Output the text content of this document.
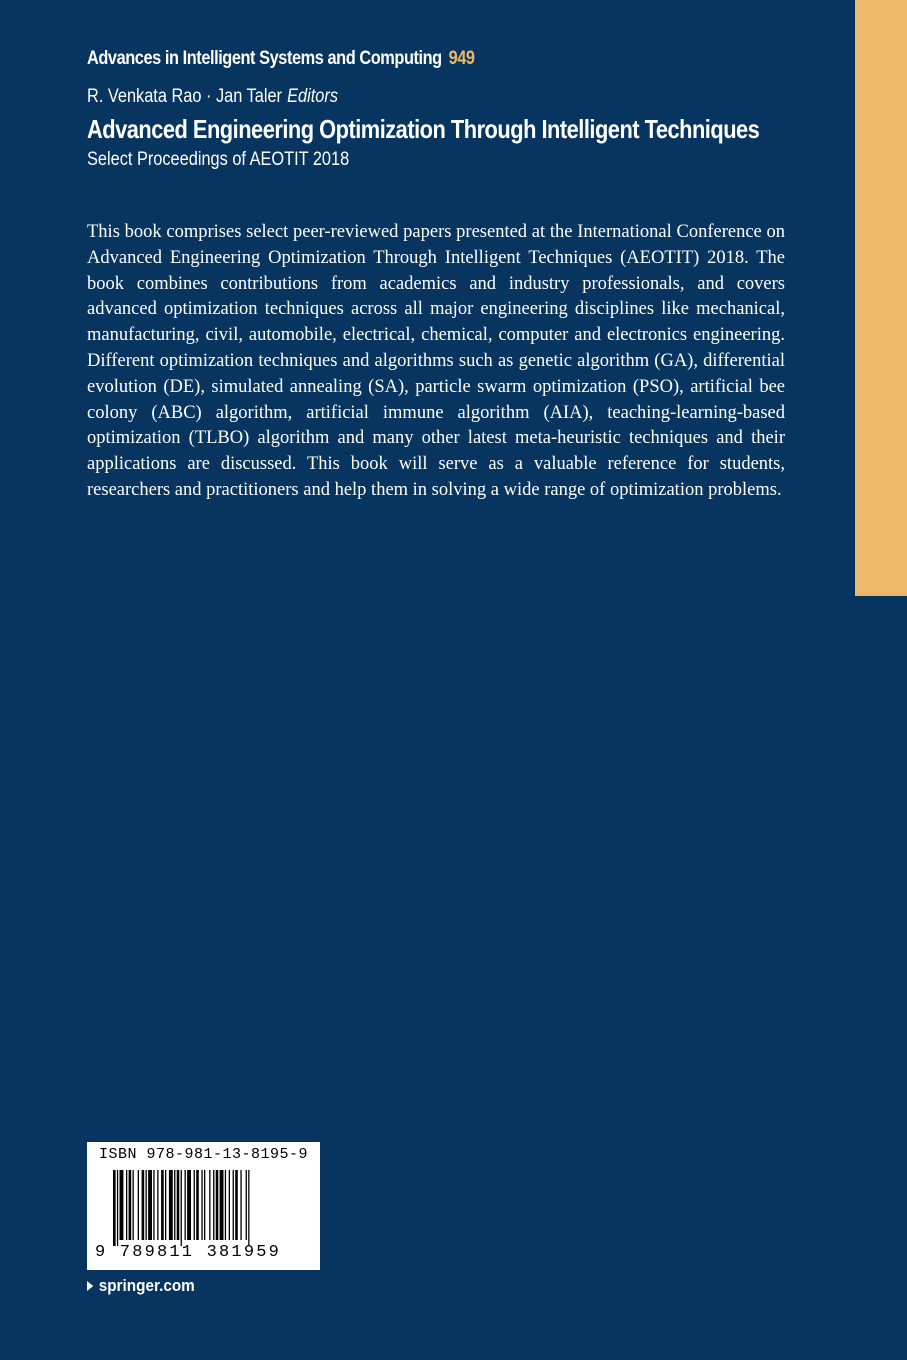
Advances in Intelligent Systems and Computing 949
R. Venkata Rao · Jan Taler Editors
Advanced Engineering Optimization Through Intelligent Techniques
Select Proceedings of AEOTIT 2018

This book comprises select peer-reviewed papers presented at the International Conference on Advanced Engineering Optimization Through Intelligent Techniques (AEOTIT) 2018. The book combines contributions from academics and industry professionals, and covers advanced optimization techniques across all major engineering disciplines like mechanical, manufacturing, civil, automobile, electrical, chemical, computer and electronics engineering. Different optimization techniques and algorithms such as genetic algorithm (GA), differential evolution (DE), simulated annealing (SA), particle swarm optimization (PSO), artificial bee colony (ABC) algorithm, artificial immune algorithm (AIA), teaching-learning-based optimization (TLBO) algorithm and many other latest meta-heuristic techniques and their applications are discussed. This book will serve as a valuable reference for students, researchers and practitioners and help them in solving a wide range of optimization problems.

ISBN 978-981-13-8195-9
9 789811 381959
springer.com
